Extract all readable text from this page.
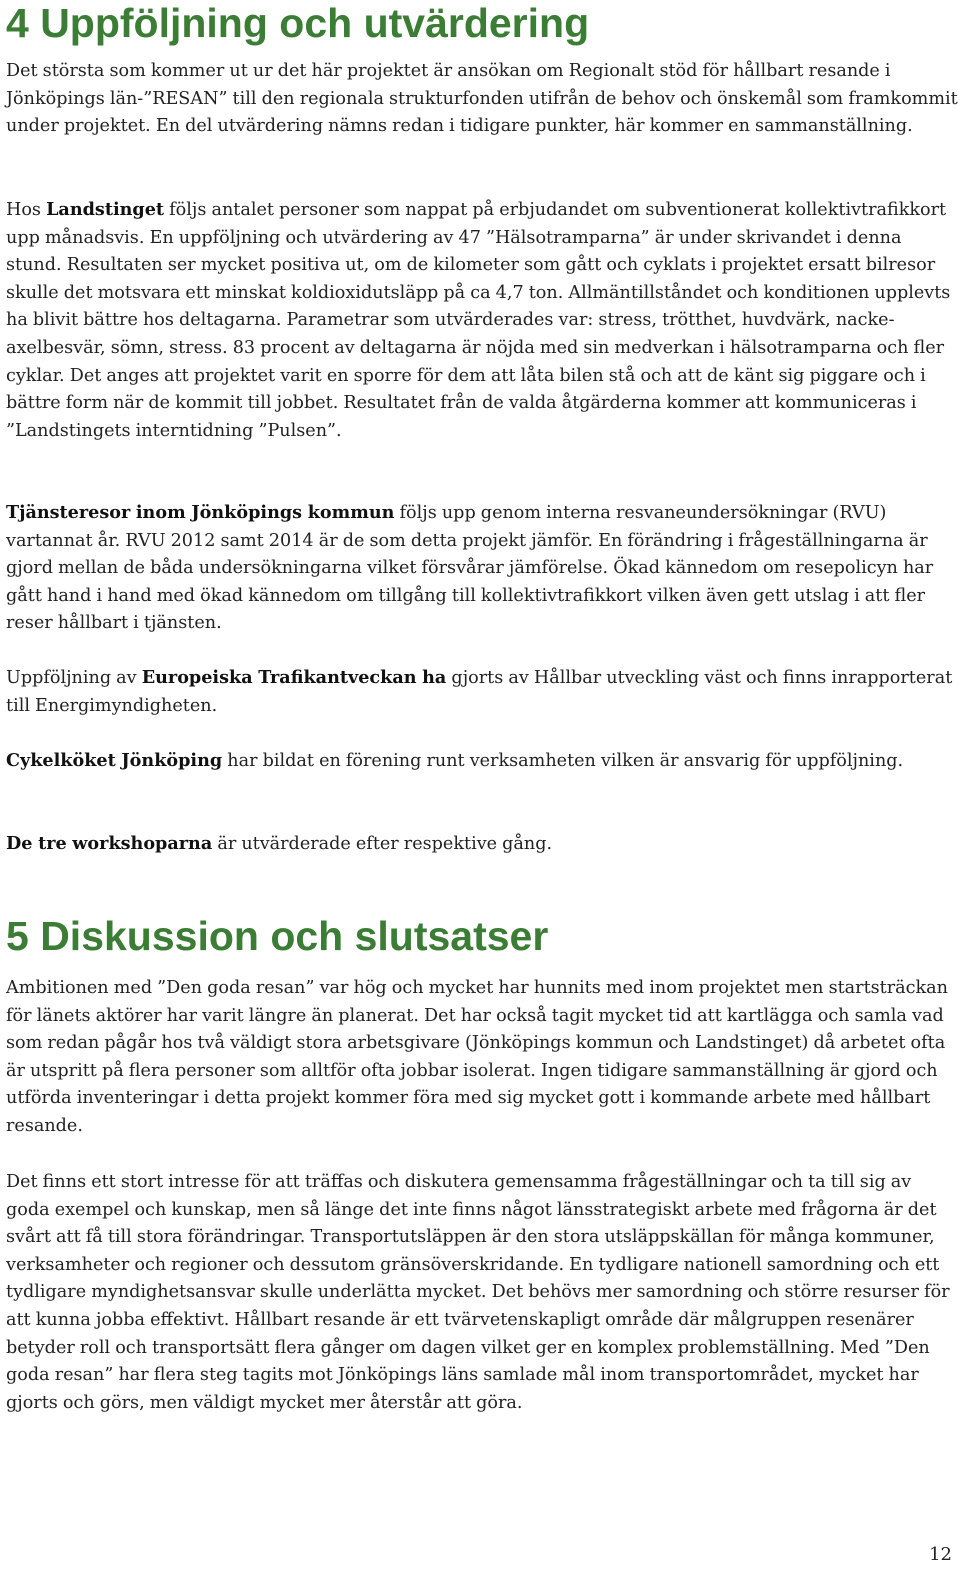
4 Uppföljning och utvärdering

Det största som kommer ut ur det här projektet är ansökan om Regionalt stöd för hållbart resande i Jönköpings län-”RESAN” till den regionala strukturfonden utifrån de behov och önskemål som framkommit under projektet. En del utvärdering nämns redan i tidigare punkter, här kommer en sammanställning.

Hos Landstinget följs antalet personer som nappat på erbjudandet om subventionerat kollektivtrafikkort upp månadsvis. En uppföljning och utvärdering av 47 ”Hälsotramparna” är under skrivandet i denna stund. Resultaten ser mycket positiva ut, om de kilometer som gått och cyklats i projektet ersatt bilresor skulle det motsvara ett minskat koldioxidutsläpp på ca 4,7 ton. Allmäntillståndet och konditionen upplevts ha blivit bättre hos deltagarna. Parametrar som utvärderades var: stress, trötthet, huvdvärk, nacke-axelbesvär, sömn, stress. 83 procent av deltagarna är nöjda med sin medverkan i hälsotramparna och fler cyklar. Det anges att projektet varit en sporre för dem att låta bilen stå och att de känt sig piggare och i bättre form när de kommit till jobbet. Resultatet från de valda åtgärderna kommer att kommuniceras i ”Landstingets interntidning ”Pulsen”.

Tjänsteresor inom Jönköpings kommun följs upp genom interna resvaneundersökningar (RVU) vartannat år. RVU 2012 samt 2014 är de som detta projekt jämför. En förändring i frågeställningarna är gjord mellan de båda undersökningarna vilket försvårar jämförelse. Ökad kännedom om resepolicyn har gått hand i hand med ökad kännedom om tillgång till kollektivtrafikkort vilken även gett utslag i att fler reser hållbart i tjänsten.

Uppföljning av Europeiska Trafikantveckan ha gjorts av Hållbar utveckling väst och finns inrapporterat till Energimyndigheten.

Cykelköket Jönköping har bildat en förening runt verksamheten vilken är ansvarig för uppföljning.

De tre workshoparna är utvärderade efter respektive gång.

5 Diskussion och slutsatser

Ambitionen med ”Den goda resan” var hög och mycket har hunnits med inom projektet men startsträckan för länets aktörer har varit längre än planerat. Det har också tagit mycket tid att kartlägga och samla vad som redan pågår hos två väldigt stora arbetsgivare (Jönköpings kommun och Landstinget) då arbetet ofta är utspritt på flera personer som alltför ofta jobbar isolerat. Ingen tidigare sammanställning är gjord och utförda inventeringar i detta projekt kommer föra med sig mycket gott i kommande arbete med hållbart resande.

Det finns ett stort intresse för att träffas och diskutera gemensamma frågeställningar och ta till sig av goda exempel och kunskap, men så länge det inte finns något länsstrategiskt arbete med frågorna är det svårt att få till stora förändringar. Transportutsläppen är den stora utsläppskällan för många kommuner, verksamheter och regioner och dessutom gränsöverskridande. En tydligare nationell samordning och ett tydligare myndighetsansvar skulle underlätta mycket. Det behövs mer samordning och större resurser för att kunna jobba effektivt. Hållbart resande är ett tvärvetenskapligt område där målgruppen resenärer betyder roll och transportsätt flera gånger om dagen vilket ger en komplex problemställning. Med ”Den goda resan” har flera steg tagits mot Jönköpings läns samlade mål inom transportområdet, mycket har gjorts och görs, men väldigt mycket mer återstår att göra.

12
